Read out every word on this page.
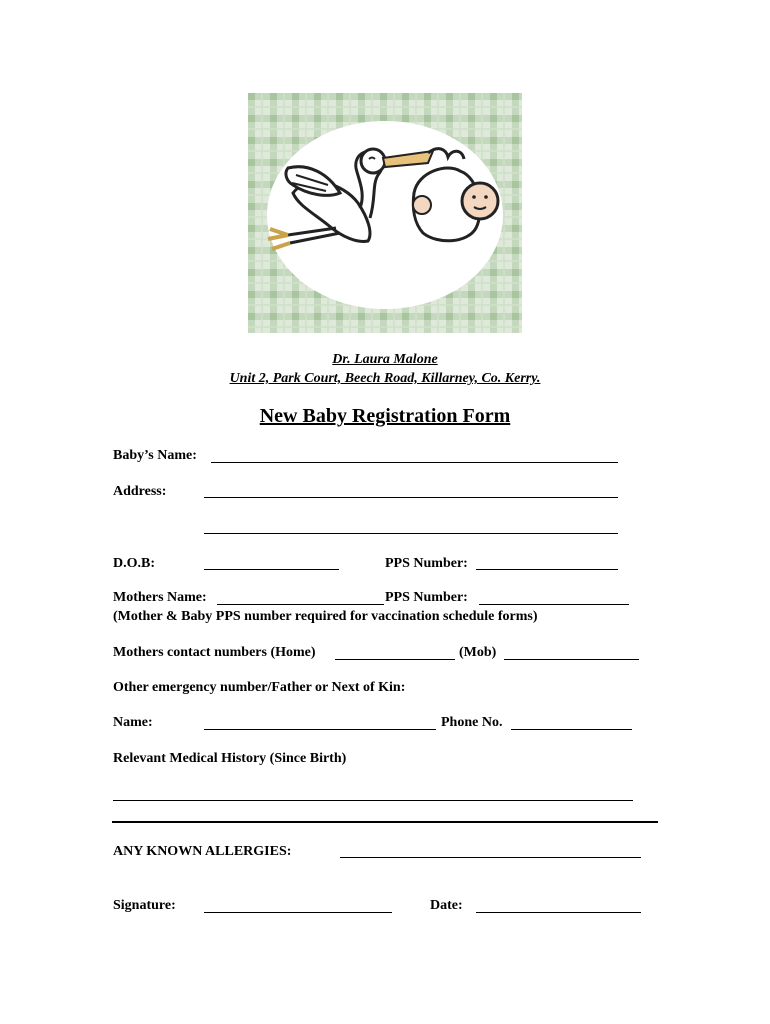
Dr. Laura Malone
Unit 2, Park Court, Beech Road, Killarney, Co. Kerry.
New Baby Registration Form
Baby’s Name:
Address:
D.O.B:	PPS Number:
Mothers Name:	PPS Number:
(Mother & Baby PPS number required for vaccination schedule forms)
Mothers contact numbers (Home)	(Mob)
Other emergency number/Father or Next of Kin:
Name:	Phone No.
Relevant Medical History (Since Birth)
ANY KNOWN ALLERGIES:
Signature:	Date:
